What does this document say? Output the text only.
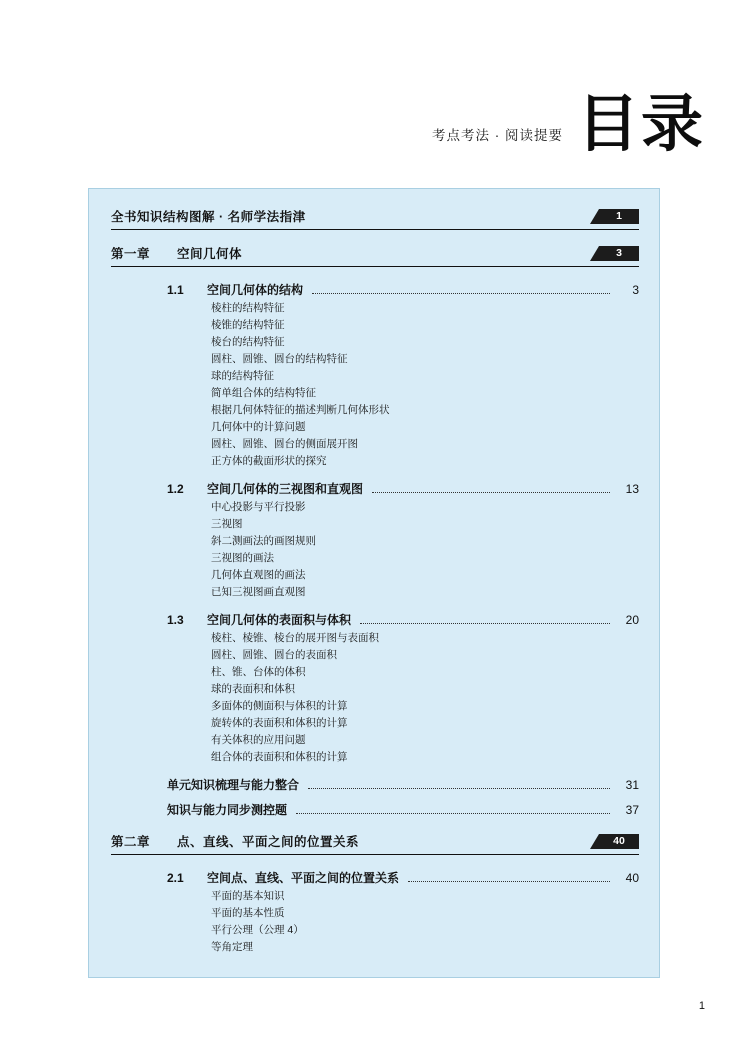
考点考法 · 阅读提要 目录
全书知识结构图解 · 名师学法指津	1
第一章	空间几何体	3
1.1	空间几何体的结构	3
棱柱的结构特征
棱锥的结构特征
棱台的结构特征
圆柱、圆锥、圆台的结构特征
球的结构特征
简单组合体的结构特征
根据几何体特征的描述判断几何体形状
几何体中的计算问题
圆柱、圆锥、圆台的侧面展开图
正方体的截面形状的探究
1.2	空间几何体的三视图和直观图	13
中心投影与平行投影
三视图
斜二测画法的画图规则
三视图的画法
几何体直观图的画法
已知三视图画直观图
1.3	空间几何体的表面积与体积	20
棱柱、棱锥、棱台的展开图与表面积
圆柱、圆锥、圆台的表面积
柱、锥、台体的体积
球的表面积和体积
多面体的侧面积与体积的计算
旋转体的表面积和体积的计算
有关体积的应用问题
组合体的表面积和体积的计算
单元知识梳理与能力整合	31
知识与能力同步测控题	37
第二章	点、直线、平面之间的位置关系	40
2.1	空间点、直线、平面之间的位置关系	40
平面的基本知识
平面的基本性质
平行公理（公理 4）
等角定理
1
